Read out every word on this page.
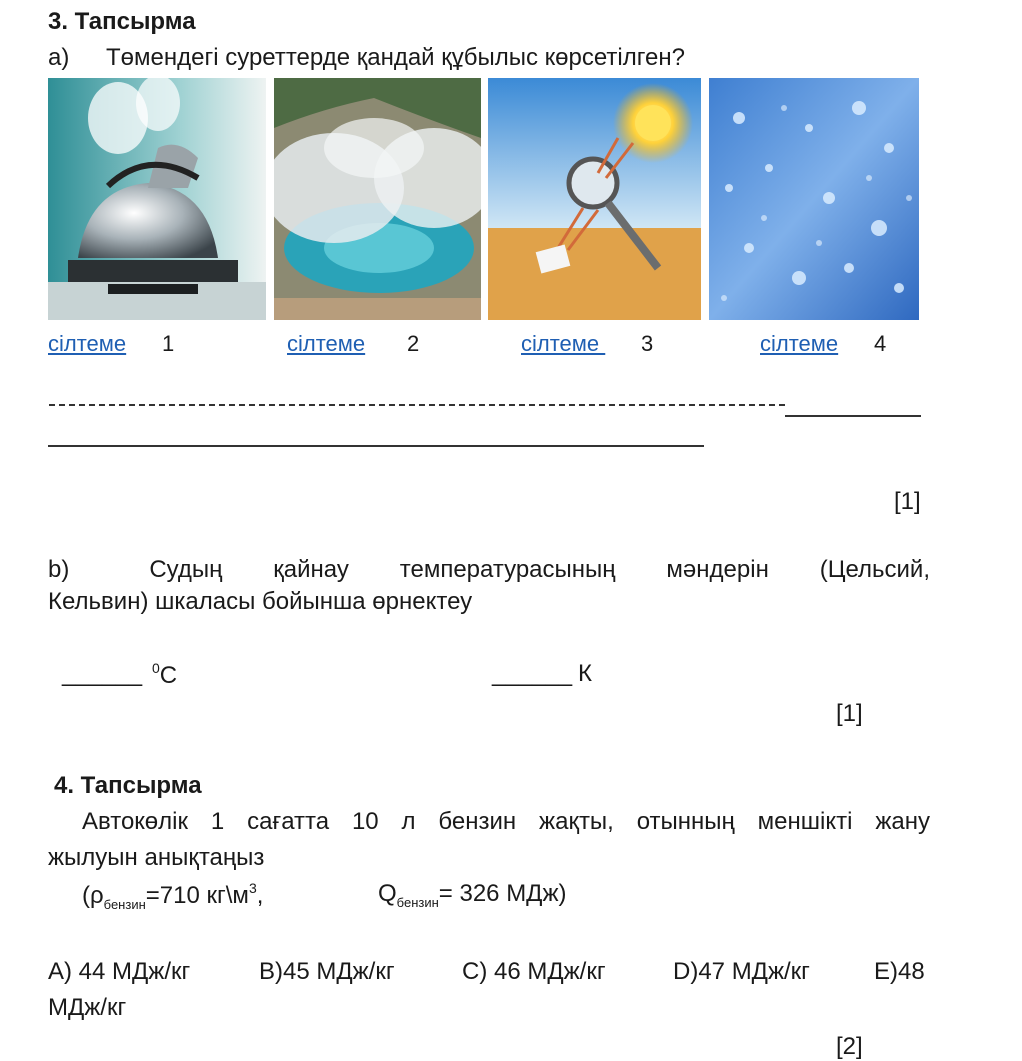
3. Тапсырма
a) Төмендегі суреттерде қандай құбылыс көрсетілген?
сілтеме 1	сілтеме 2	сілтеме 3	сілтеме 4
[1]
b)	Судың қайнау температурасының мәндерін (Цельсий,
Кельвин) шкаласы бойынша өрнектеу
______ $^0$С	______ К
[1]
4. Тапсырма
Автокөлік 1 сағатта 10 л бензин жақты, отынның меншікті жану
жылуын анықтаңыз
($\rho_{бензин}=710$ $кг\backslash м^3$,	$Q_{бензин}= 326$ МДж)
А) 44 МДж/кг	В)45 МДж/кг	С) 46 МДж/кг	D)47 МДж/кг	Е)48
МДж/кг
[2]
